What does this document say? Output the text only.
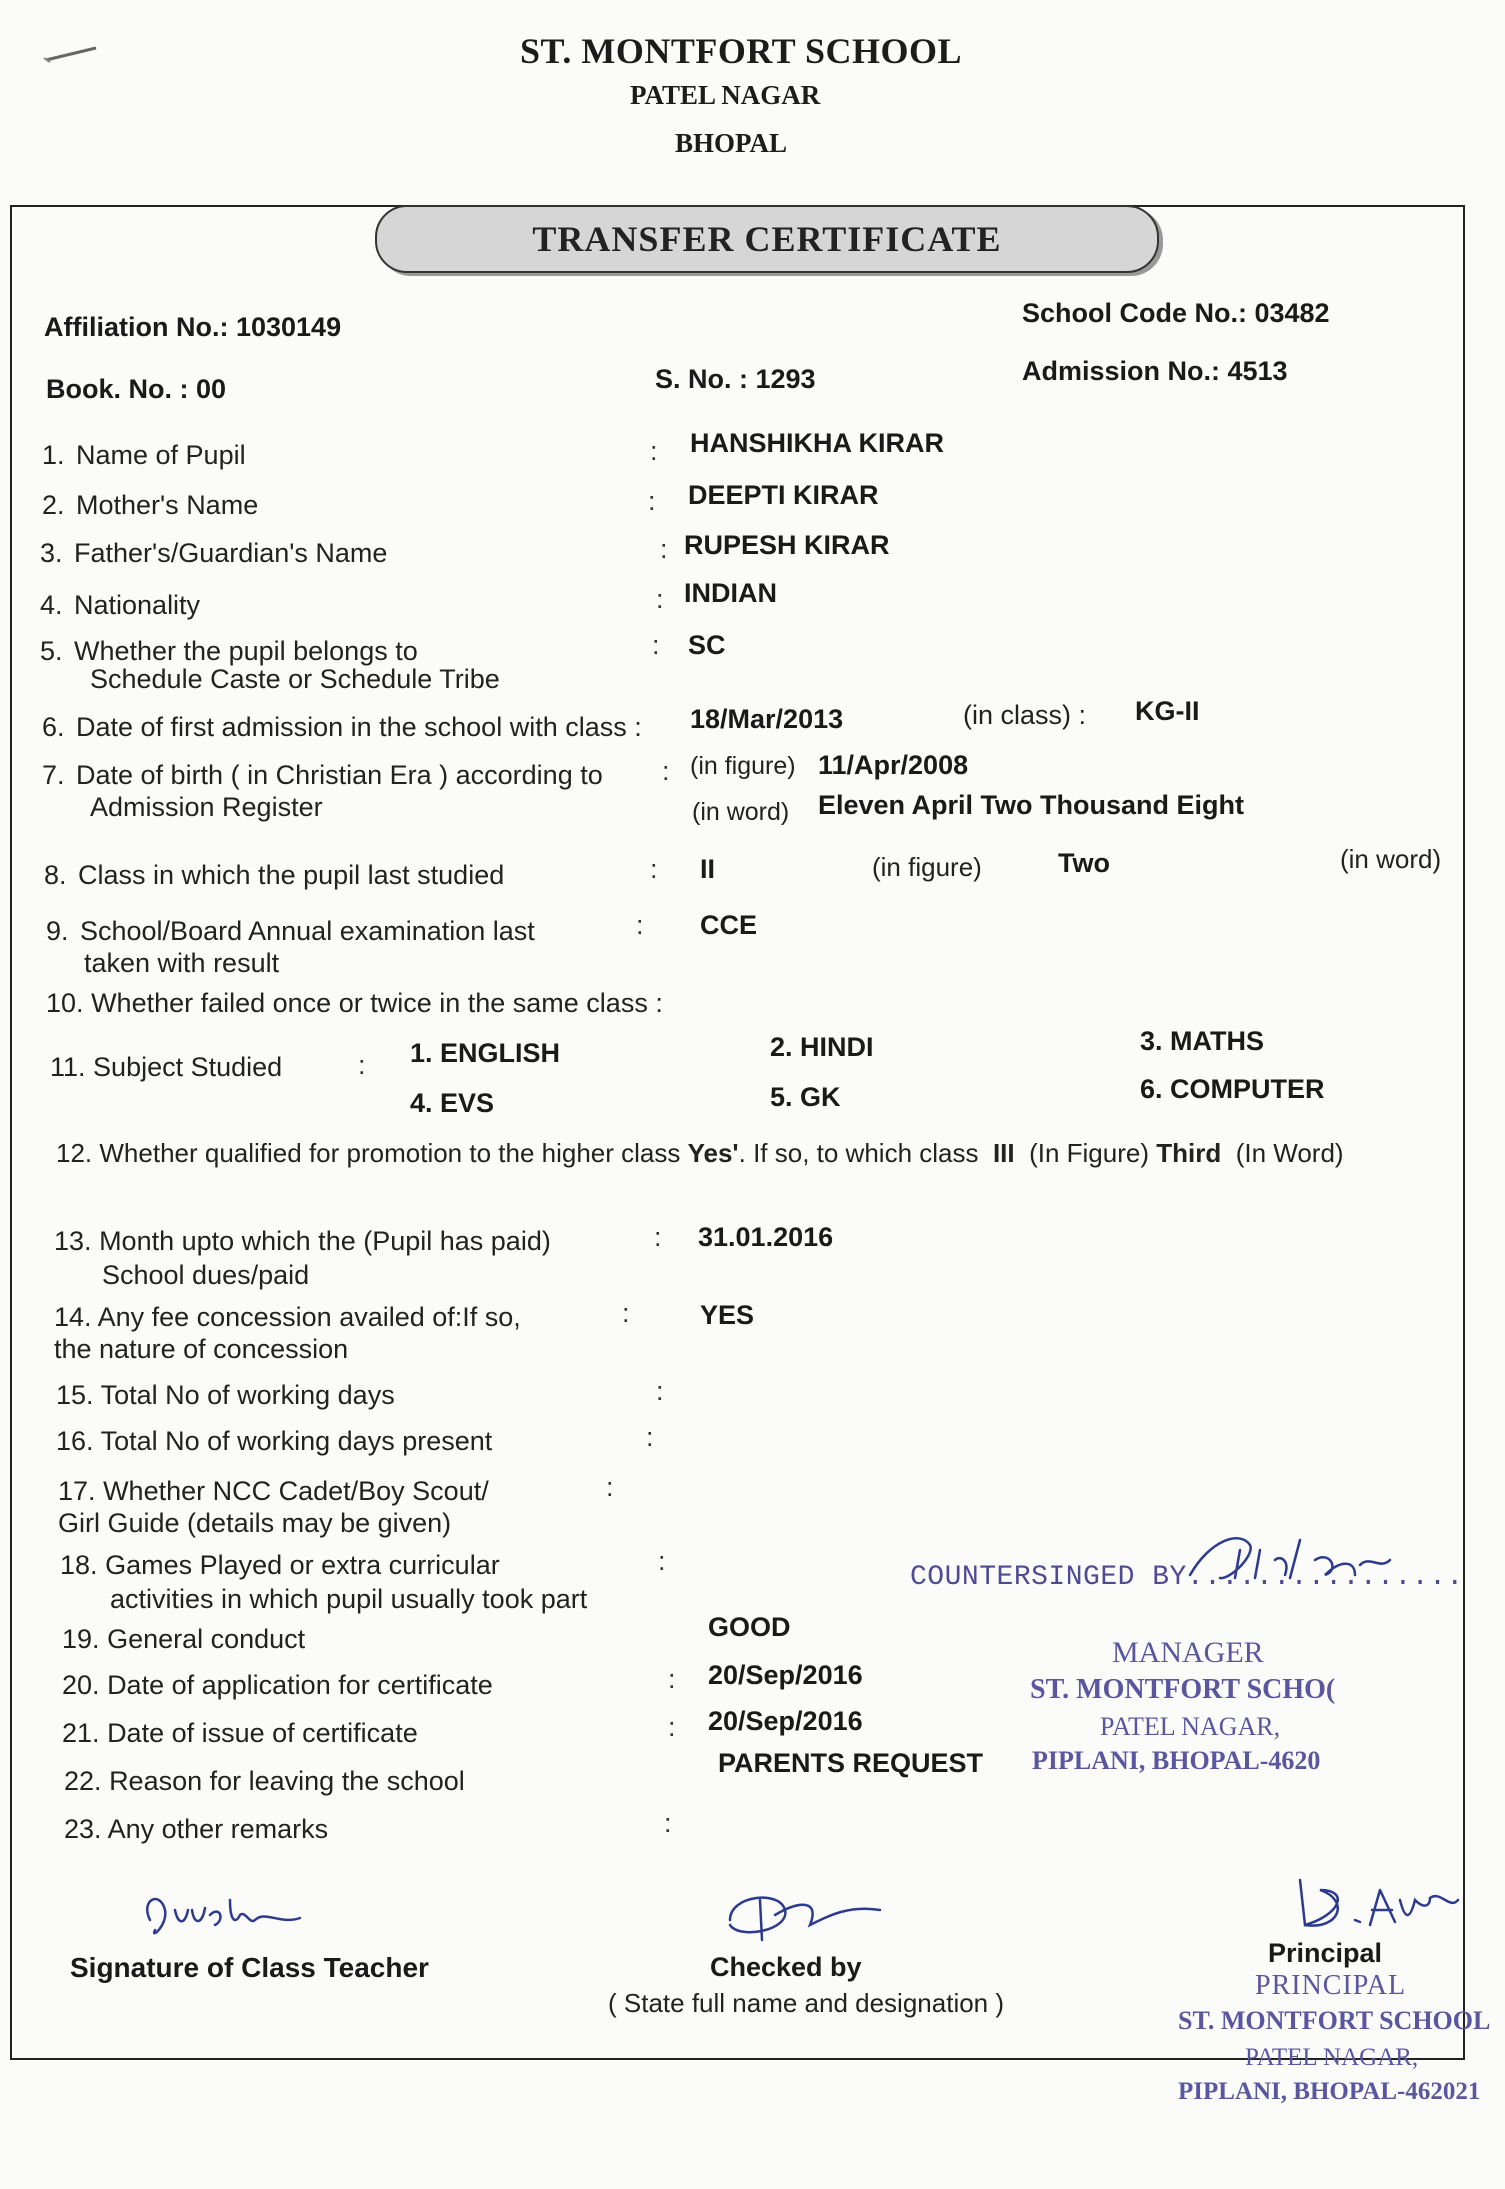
ST. MONTFORT SCHOOL
PATEL NAGAR
BHOPAL
TRANSFER CERTIFICATE
Affiliation No.: 1030149	School Code No.: 03482
Book. No. : 00	S. No. : 1293	Admission No.: 4513
1. Name of Pupil	: HANSHIKHA KIRAR
2. Mother's Name	: DEEPTI KIRAR
3. Father's/Guardian's Name	: RUPESH KIRAR
4. Nationality	: INDIAN
5. Whether the pupil belongs to
Schedule Caste or Schedule Tribe
: SC
6. Date of first admission in the school with class : 18/Mar/2013	(in class) : KG-II
7. Date of birth ( in Christian Era ) according to
Admission Register
: (in figure) 11/Apr/2008
(in word) Eleven April Two Thousand Eight
8. Class in which the pupil last studied	: II	(in figure)	Two	(in word)
9. School/Board Annual examination last
taken with result
: CCE
10. Whether failed once or twice in the same class :
11. Subject Studied	: 1. ENGLISH	2. HINDI	3. MATHS
4. EVS	5. GK	6. COMPUTER
12. Whether qualified for promotion to the higher class Yes'. If so, to which class III (In Figure) Third (In Word)
13. Month upto which the (Pupil has paid)
School dues/paid
: 31.01.2016
14. Any fee concession availed of:If so,
the nature of concession
:	YES
15. Total No of working days	:
16. Total No of working days present	:
17. Whether NCC Cadet/Boy Scout/
Girl Guide (details may be given)
:
18. Games Played or extra curricular
activities in which pupil usually took part
:
19. General conduct	GOOD
20. Date of application for certificate	: 20/Sep/2016
21. Date of issue of certificate	: 20/Sep/2016
22. Reason for leaving the school
PARENTS REQUEST
23. Any other remarks	:
COUNTERSINGED BY................
MANAGER
ST. MONTFORT SCHO(
PATEL NAGAR,
PIPLANI, BHOPAL-4620
Signature of Class Teacher	Checked by
( State full name and designation )
Principal
PRINCIPAL
ST. MONTFORT SCHOOL
PATEL NAGAR,
PIPLANI, BHOPAL-462021
